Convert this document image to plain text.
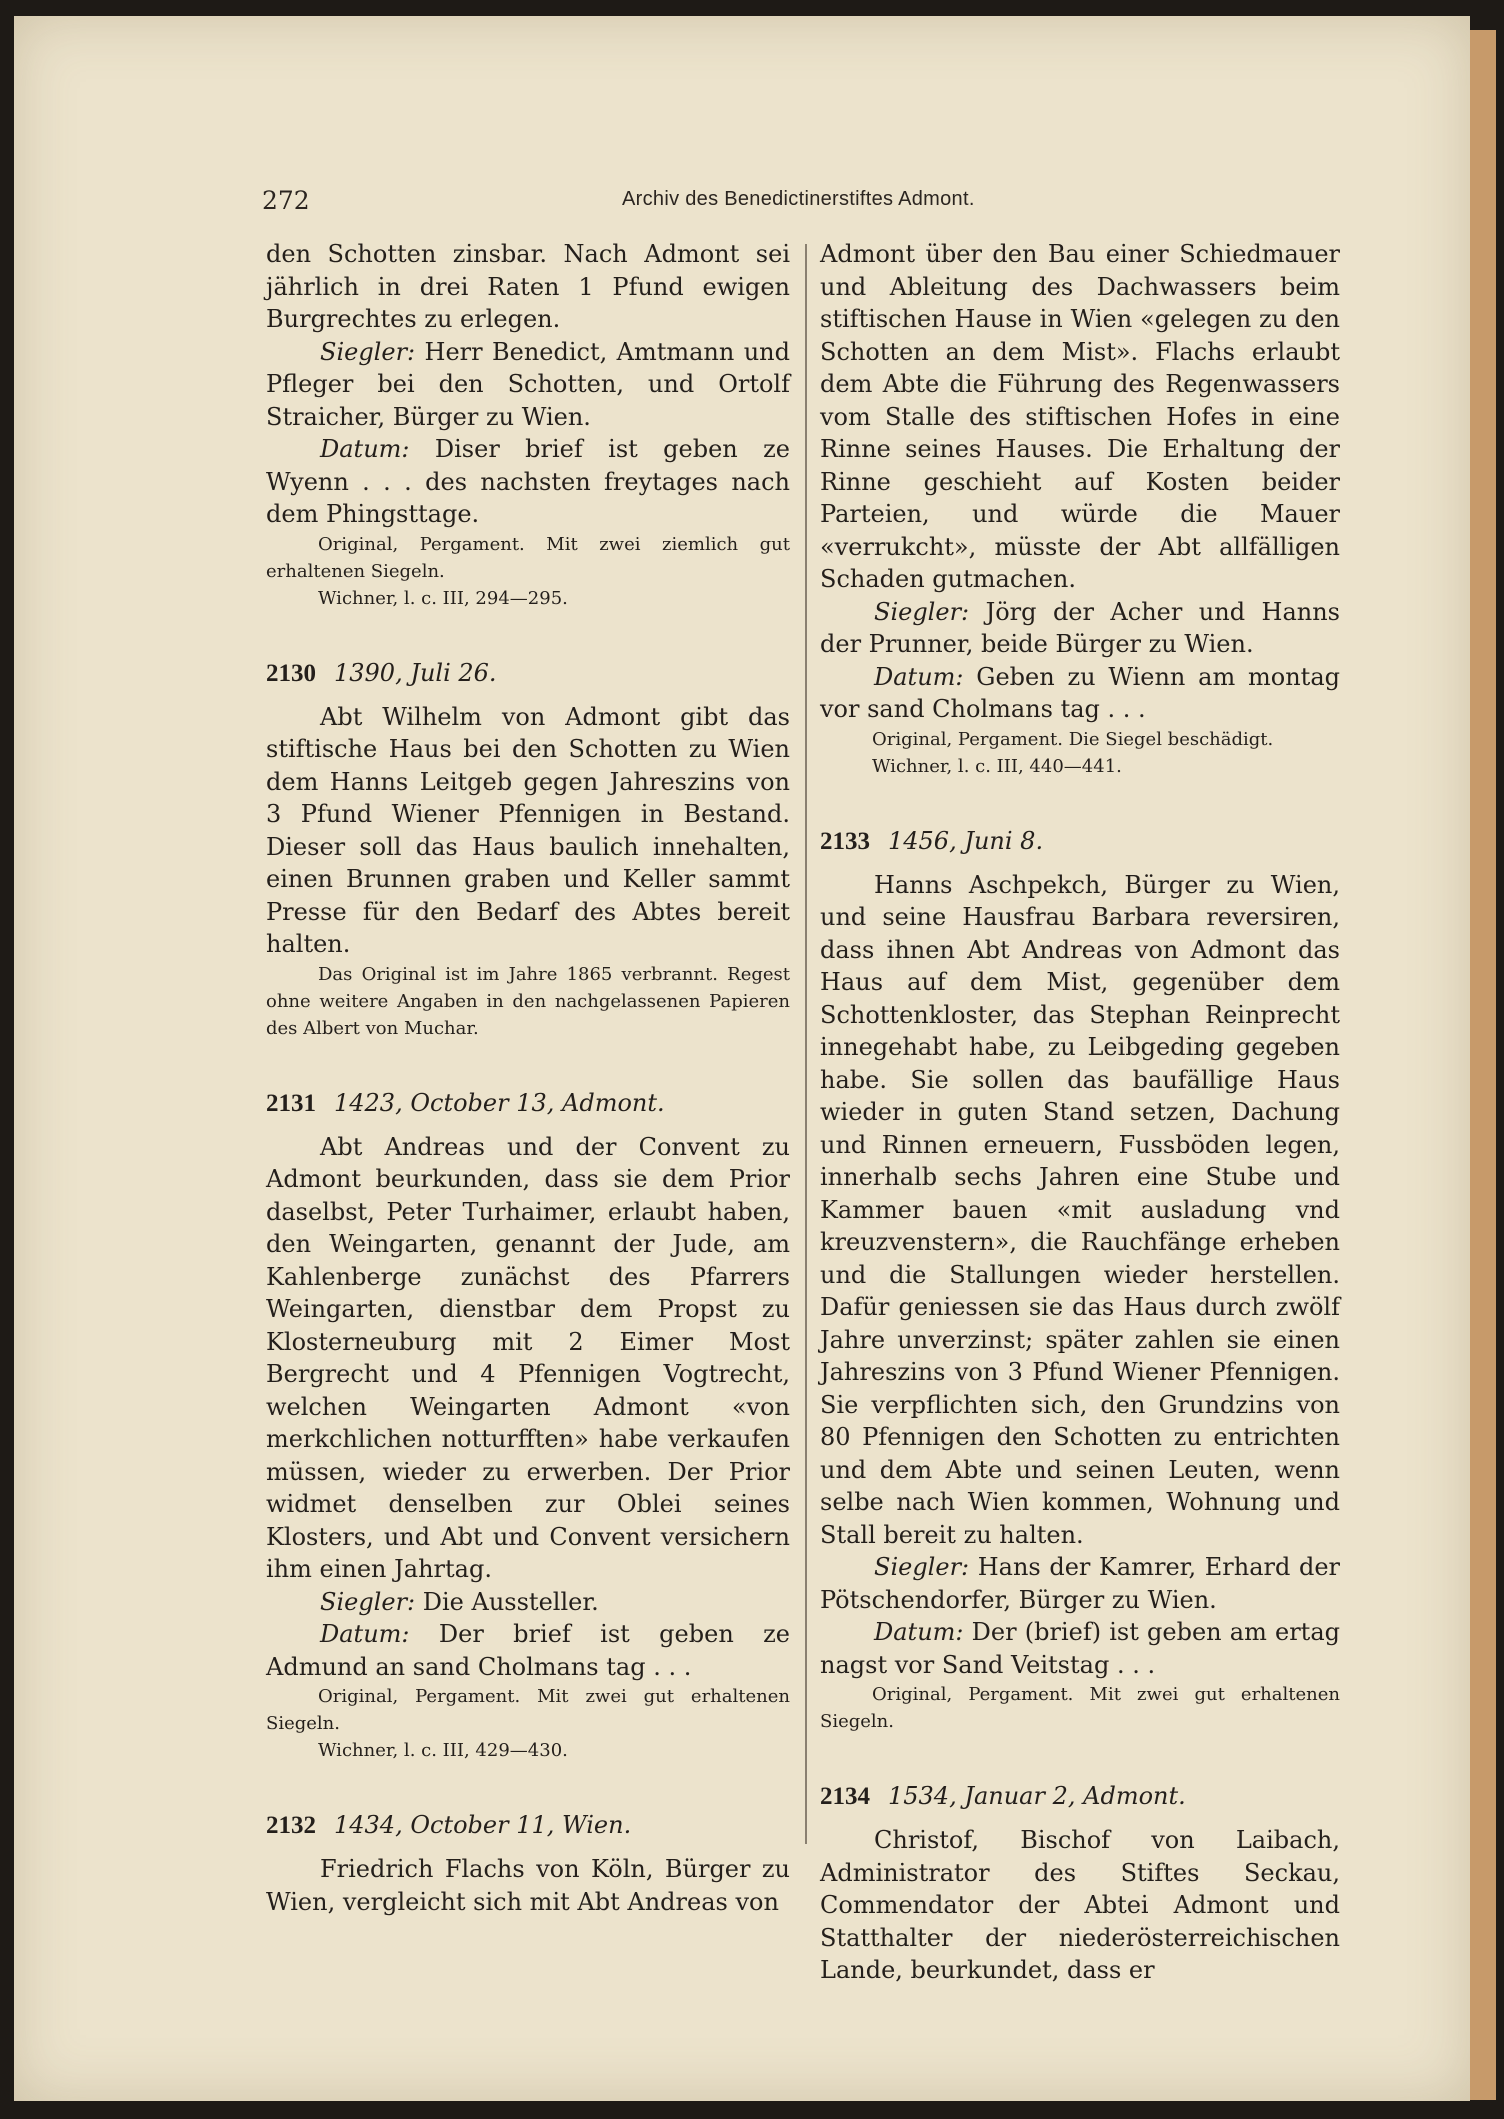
272	Archiv des Benedictinerstiftes Admont.

den Schotten zinsbar. Nach Admont sei jährlich in drei Raten 1 Pfund ewigen Burgrechtes zu erlegen.

Siegler: Herr Benedict, Amtmann und Pfleger bei den Schotten, und Ortolf Straicher, Bürger zu Wien.

Datum: Diser brief ist geben ze Wyenn . . . des nachsten freytages nach dem Phingsttage.

Original, Pergament. Mit zwei ziemlich gut erhaltenen Siegeln.

Wichner, l. c. III, 294—295.

2130 1390, Juli 26.

Abt Wilhelm von Admont gibt das stiftische Haus bei den Schotten zu Wien dem Hanns Leitgeb gegen Jahreszins von 3 Pfund Wiener Pfennigen in Bestand. Dieser soll das Haus baulich innehalten, einen Brunnen graben und Keller sammt Presse für den Bedarf des Abtes bereit halten.

Das Original ist im Jahre 1865 verbrannt. Regest ohne weitere Angaben in den nachgelassenen Papieren des Albert von Muchar.

2131 1423, October 13, Admont.

Abt Andreas und der Convent zu Admont beurkunden, dass sie dem Prior daselbst, Peter Turhaimer, erlaubt haben, den Weingarten, genannt der Jude, am Kahlenberge zunächst des Pfarrers Weingarten, dienstbar dem Propst zu Klosterneuburg mit 2 Eimer Most Bergrecht und 4 Pfennigen Vogtrecht, welchen Weingarten Admont «von merkchlichen notturfften» habe verkaufen müssen, wieder zu erwerben. Der Prior widmet denselben zur Oblei seines Klosters, und Abt und Convent versichern ihm einen Jahrtag.

Siegler: Die Aussteller.

Datum: Der brief ist geben ze Admund an sand Cholmans tag . . .

Original, Pergament. Mit zwei gut erhaltenen Siegeln.

Wichner, l. c. III, 429—430.

2132 1434, October 11, Wien.

Friedrich Flachs von Köln, Bürger zu Wien, vergleicht sich mit Abt Andreas von

Admont über den Bau einer Schiedmauer und Ableitung des Dachwassers beim stiftischen Hause in Wien «gelegen zu den Schotten an dem Mist». Flachs erlaubt dem Abte die Führung des Regenwassers vom Stalle des stiftischen Hofes in eine Rinne seines Hauses. Die Erhaltung der Rinne geschieht auf Kosten beider Parteien, und würde die Mauer «verrukcht», müsste der Abt allfälligen Schaden gutmachen.

Siegler: Jörg der Acher und Hanns der Prunner, beide Bürger zu Wien.

Datum: Geben zu Wienn am montag vor sand Cholmans tag . . .

Original, Pergament. Die Siegel beschädigt.

Wichner, l. c. III, 440—441.

2133 1456, Juni 8.

Hanns Aschpekch, Bürger zu Wien, und seine Hausfrau Barbara reversiren, dass ihnen Abt Andreas von Admont das Haus auf dem Mist, gegenüber dem Schottenkloster, das Stephan Reinprecht innegehabt habe, zu Leibgeding gegeben habe. Sie sollen das baufällige Haus wieder in guten Stand setzen, Dachung und Rinnen erneuern, Fussböden legen, innerhalb sechs Jahren eine Stube und Kammer bauen «mit ausladung vnd kreuzvenstern», die Rauchfänge erheben und die Stallungen wieder herstellen. Dafür geniessen sie das Haus durch zwölf Jahre unverzinst; später zahlen sie einen Jahreszins von 3 Pfund Wiener Pfennigen. Sie verpflichten sich, den Grundzins von 80 Pfennigen den Schotten zu entrichten und dem Abte und seinen Leuten, wenn selbe nach Wien kommen, Wohnung und Stall bereit zu halten.

Siegler: Hans der Kamrer, Erhard der Pötschendorfer, Bürger zu Wien.

Datum: Der (brief) ist geben am ertag nagst vor Sand Veitstag . . .

Original, Pergament. Mit zwei gut erhaltenen Siegeln.

2134 1534, Januar 2, Admont.

Christof, Bischof von Laibach, Administrator des Stiftes Seckau, Commendator der Abtei Admont und Statthalter der niederösterreichischen Lande, beurkundet, dass er
